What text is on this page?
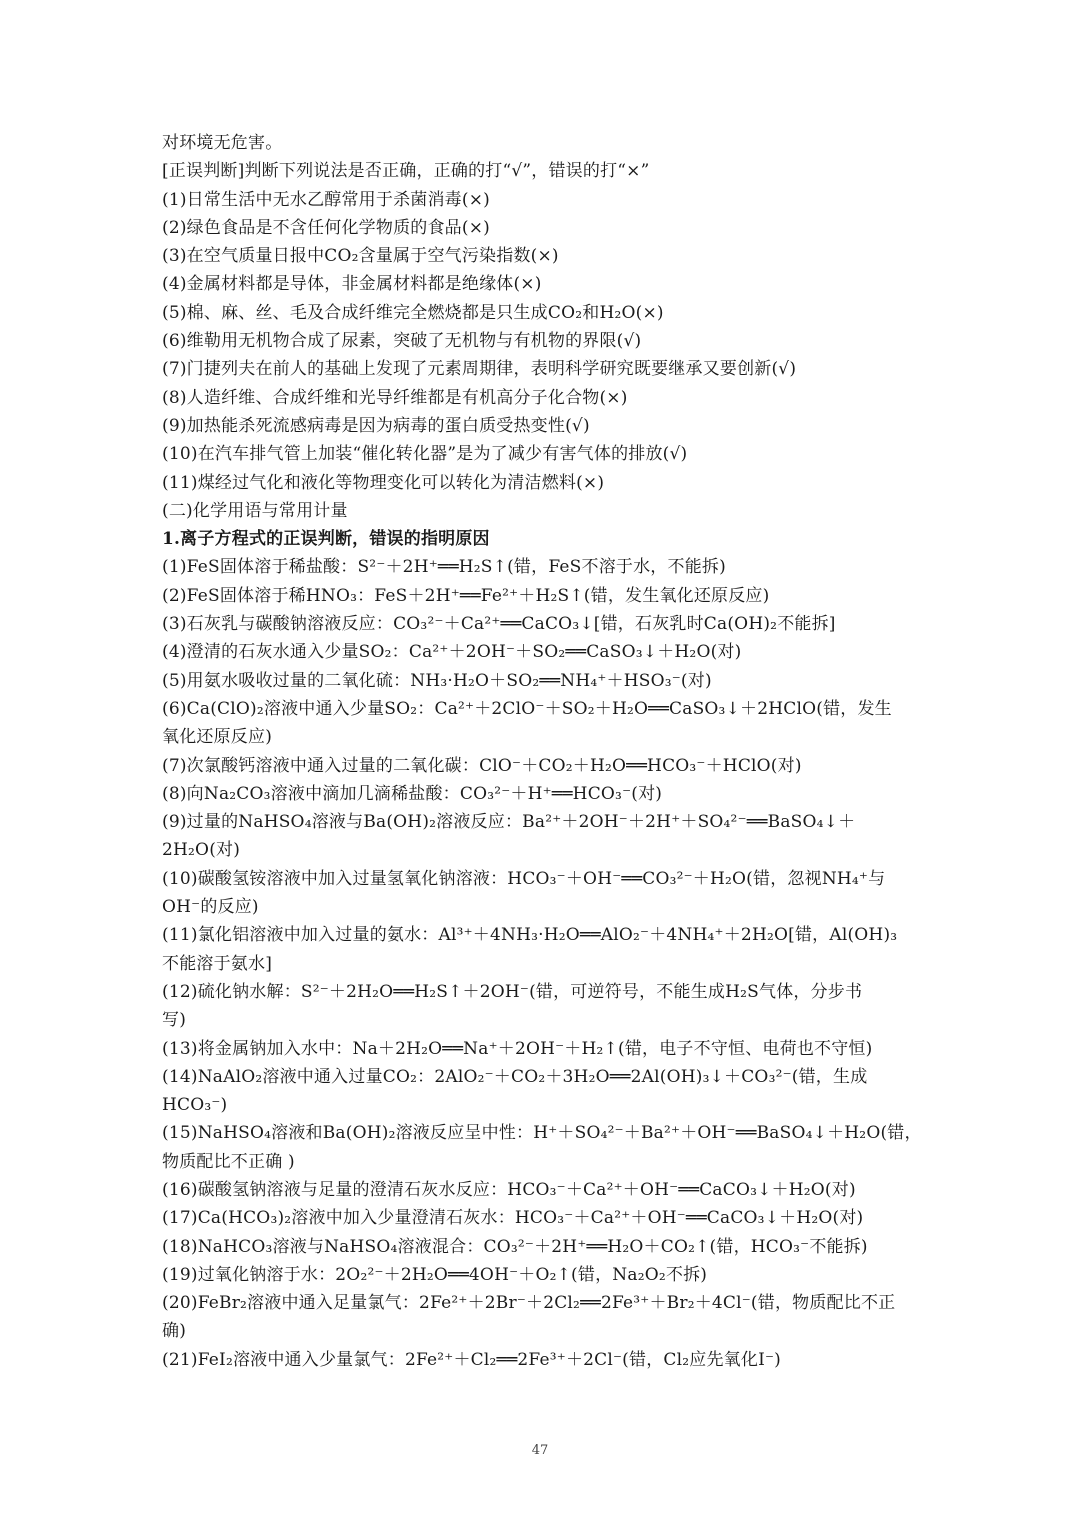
对环境无危害。
[正误判断]判断下列说法是否正确，正确的打“√”，错误的打“×”
(1)日常生活中无水乙醇常用于杀菌消毒(×)
(2)绿色食品是不含任何化学物质的食品(×)
(3)在空气质量日报中CO₂含量属于空气污染指数(×)
(4)金属材料都是导体，非金属材料都是绝缘体(×)
(5)棉、麻、丝、毛及合成纤维完全燃烧都是只生成CO₂和H₂O(×)
(6)维勒用无机物合成了尿素，突破了无机物与有机物的界限(√)
(7)门捷列夫在前人的基础上发现了元素周期律，表明科学研究既要继承又要创新(√)
(8)人造纤维、合成纤维和光导纤维都是有机高分子化合物(×)
(9)加热能杀死流感病毒是因为病毒的蛋白质受热变性(√)
(10)在汽车排气管上加装“催化转化器”是为了减少有害气体的排放(√)
(11)煤经过气化和液化等物理变化可以转化为清洁燃料(×)
(二)化学用语与常用计量
1.离子方程式的正误判断，错误的指明原因
(1)FeS固体溶于稀盐酸：S²⁻＋2H⁺══H₂S↑(错，FeS不溶于水，不能拆)
(2)FeS固体溶于稀HNO₃：FeS＋2H⁺══Fe²⁺＋H₂S↑(错，发生氧化还原反应)
(3)石灰乳与碳酸钠溶液反应：CO₃²⁻＋Ca²⁺══CaCO₃↓[错，石灰乳时Ca(OH)₂不能拆]
(4)澄清的石灰水通入少量SO₂：Ca²⁺＋2OH⁻＋SO₂══CaSO₃↓＋H₂O(对)
(5)用氨水吸收过量的二氧化硫：NH₃·H₂O＋SO₂══NH₄⁺＋HSO₃⁻(对)
(6)Ca(ClO)₂溶液中通入少量SO₂：Ca²⁺＋2ClO⁻＋SO₂＋H₂O══CaSO₃↓＋2HClO(错，发生
氧化还原反应)
(7)次氯酸钙溶液中通入过量的二氧化碳：ClO⁻＋CO₂＋H₂O══HCO₃⁻＋HClO(对)
(8)向Na₂CO₃溶液中滴加几滴稀盐酸：CO₃²⁻＋H⁺══HCO₃⁻(对)
(9)过量的NaHSO₄溶液与Ba(OH)₂溶液反应：Ba²⁺＋2OH⁻＋2H⁺＋SO₄²⁻══BaSO₄↓＋
2H₂O(对)
(10)碳酸氢铵溶液中加入过量氢氧化钠溶液：HCO₃⁻＋OH⁻══CO₃²⁻＋H₂O(错，忽视NH₄⁺与
OH⁻的反应)
(11)氯化铝溶液中加入过量的氨水：Al³⁺＋4NH₃·H₂O══AlO₂⁻＋4NH₄⁺＋2H₂O[错，Al(OH)₃
不能溶于氨水]
(12)硫化钠水解：S²⁻＋2H₂O══H₂S↑＋2OH⁻(错，可逆符号，不能生成H₂S气体，分步书
写)
(13)将金属钠加入水中：Na＋2H₂O══Na⁺＋2OH⁻＋H₂↑(错，电子不守恒、电荷也不守恒)
(14)NaAlO₂溶液中通入过量CO₂：2AlO₂⁻＋CO₂＋3H₂O══2Al(OH)₃↓＋CO₃²⁻(错，生成
HCO₃⁻)
(15)NaHSO₄溶液和Ba(OH)₂溶液反应呈中性：H⁺＋SO₄²⁻＋Ba²⁺＋OH⁻══BaSO₄↓＋H₂O(错，
物质配比不正确 )
(16)碳酸氢钠溶液与足量的澄清石灰水反应：HCO₃⁻＋Ca²⁺＋OH⁻══CaCO₃↓＋H₂O(对)
(17)Ca(HCO₃)₂溶液中加入少量澄清石灰水：HCO₃⁻＋Ca²⁺＋OH⁻══CaCO₃↓＋H₂O(对)
(18)NaHCO₃溶液与NaHSO₄溶液混合：CO₃²⁻＋2H⁺══H₂O＋CO₂↑(错，HCO₃⁻不能拆)
(19)过氧化钠溶于水：2O₂²⁻＋2H₂O══4OH⁻＋O₂↑(错，Na₂O₂不拆)
(20)FeBr₂溶液中通入足量氯气：2Fe²⁺＋2Br⁻＋2Cl₂══2Fe³⁺＋Br₂＋4Cl⁻(错，物质配比不正
确)
(21)FeI₂溶液中通入少量氯气：2Fe²⁺＋Cl₂══2Fe³⁺＋2Cl⁻(错，Cl₂应先氧化I⁻)
47
